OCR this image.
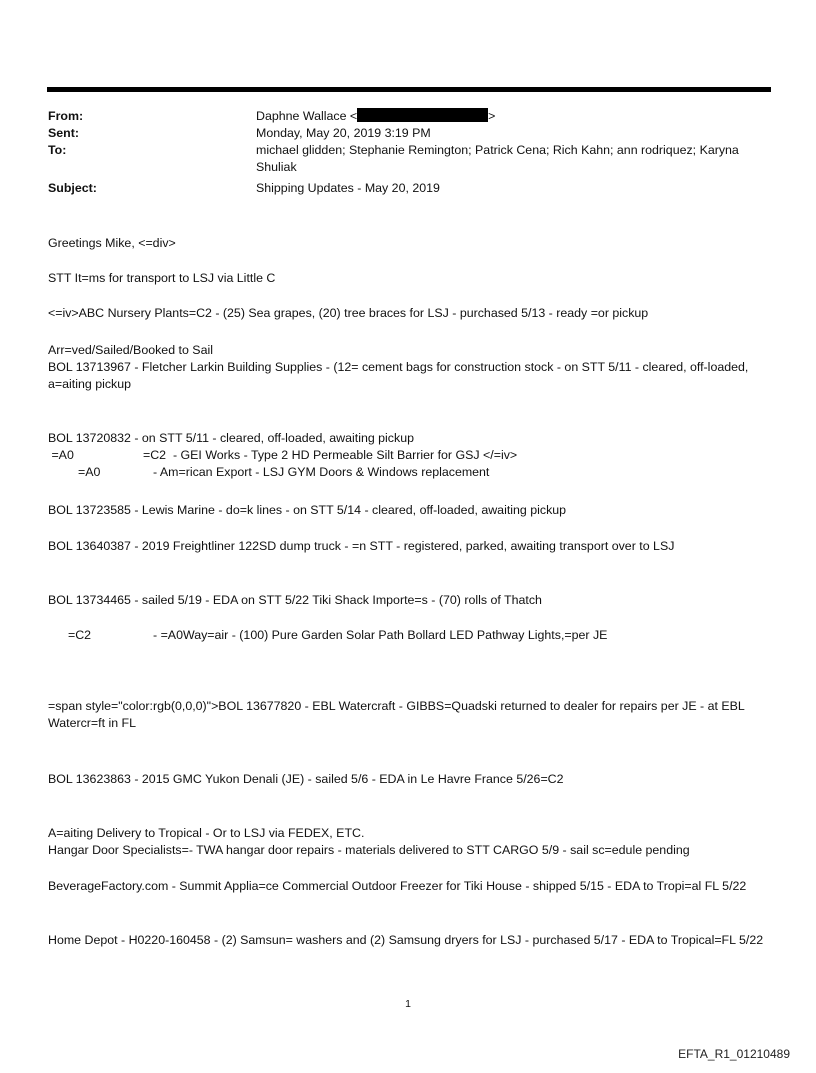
From:	Daphne Wallace <	>
Sent:	Monday, May 20, 2019 3:19 PM
To:	michael glidden; Stephanie Remington; Patrick Cena; Rich Kahn; ann rodriquez; Karyna Shuliak
Subject:	Shipping Updates - May 20, 2019
Greetings Mike, <=div>
STT It=ms for transport to LSJ via Little C
<=iv>ABC Nursery Plants=C2 - (25) Sea grapes, (20) tree braces for LSJ - purchased 5/13 - ready =or pickup
Arr=ved/Sailed/Booked to Sail
BOL 13713967 - Fletcher Larkin Building Supplies - (12= cement bags for construction stock - on STT 5/11 - cleared, off-loaded, a=aiting pickup
BOL 13720832 - on STT 5/11 - cleared, off-loaded, awaiting pickup
=A0	=C2  - GEI Works - Type 2 HD Permeable Silt Barrier for GSJ </=iv>
=A0	- Am=rican Export - LSJ GYM Doors & Windows replacement
BOL 13723585 - Lewis Marine - do=k lines - on STT 5/14 - cleared, off-loaded, awaiting pickup
BOL 13640387 - 2019 Freightliner 122SD dump truck - =n STT - registered, parked, awaiting transport over to LSJ
BOL 13734465 - sailed 5/19 - EDA on STT 5/22 Tiki Shack Importe=s - (70) rolls of Thatch
=C2	- =A0Way=air - (100) Pure Garden Solar Path Bollard LED Pathway Lights,=per JE
=span style="color:rgb(0,0,0)">BOL 13677820 - EBL Watercraft - GIBBS=Quadski returned to dealer for repairs per JE - at EBL Watercr=ft in FL
BOL 13623863 - 2015 GMC Yukon Denali (JE) - sailed 5/6 - EDA in Le Havre France 5/26=C2
A=aiting Delivery to Tropical - Or to LSJ via FEDEX, ETC.
Hangar Door Specialists=- TWA hangar door repairs - materials delivered to STT CARGO 5/9 - sail sc=edule pending
BeverageFactory.com - Summit Applia=ce Commercial Outdoor Freezer for Tiki House - shipped 5/15 - EDA to Tropi=al FL 5/22
Home Depot - H0220-160458 - (2) Samsun= washers and (2) Samsung dryers for LSJ - purchased 5/17 - EDA to Tropical=FL 5/22
1
EFTA_R1_01210489
